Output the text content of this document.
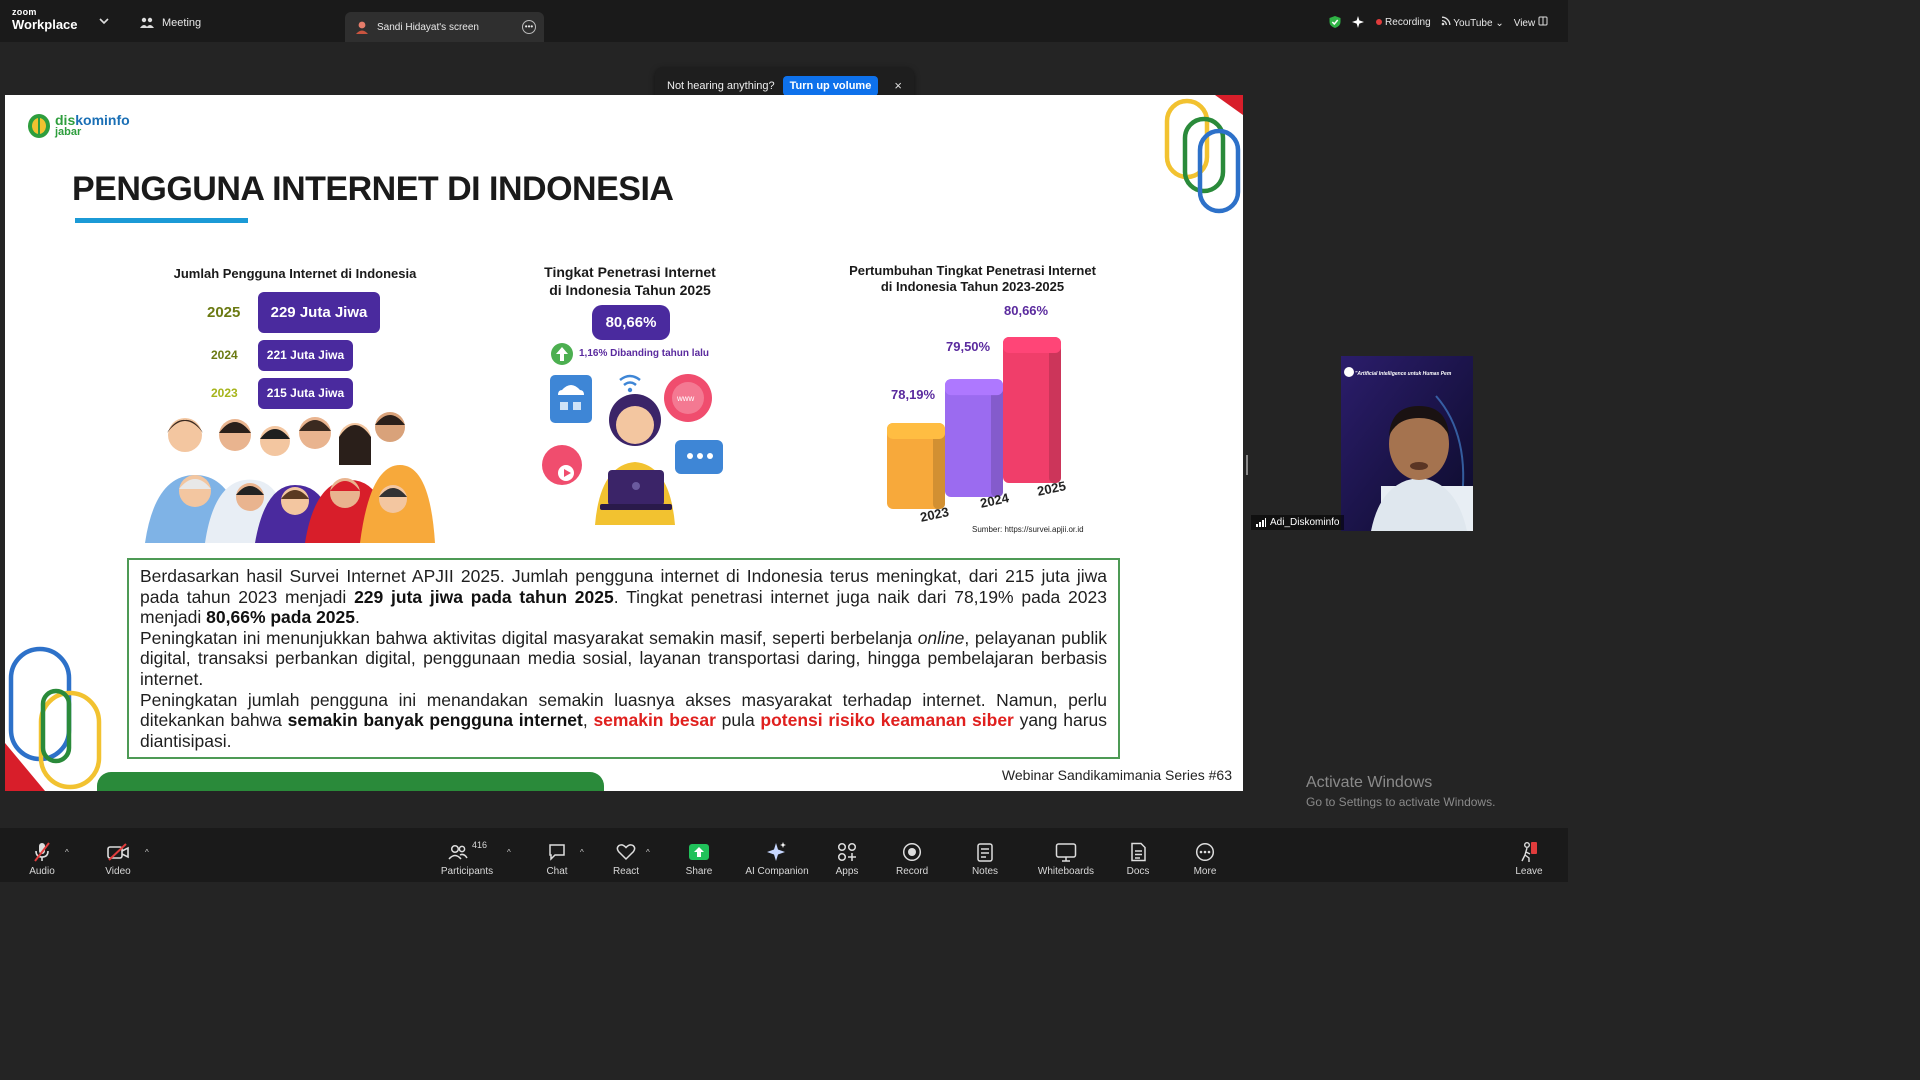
zoom
Workplace	Meeting	Sandi Hidayat's screen	•••	Recording	YouTube ⌄ View
Not hearing anything?	Turn up volume	×
diskominfo
jabar
PENGGUNA INTERNET DI INDONESIA
Jumlah Pengguna Internet di Indonesia
2025	229 Juta Jiwa
2024	221 Juta Jiwa
2023	215 Juta Jiwa
Tingkat Penetrasi Internet
di Indonesia Tahun 2025
80,66%
1,16% Dibanding tahun lalu
www
Pertumbuhan Tingkat Penetrasi Internet
di Indonesia Tahun 2023-2025
78,19%
79,50%
80,66%
2023
2024
2025
Sumber: https://survei.apjii.or.id

Berdasarkan hasil Survei Internet APJII 2025. Jumlah pengguna internet di Indonesia terus meningkat, dari 215 juta jiwa pada tahun 2023 menjadi 229 juta jiwa pada tahun 2025. Tingkat penetrasi internet juga naik dari 78,19% pada 2023 menjadi 80,66% pada 2025.

Peningkatan ini menunjukkan bahwa aktivitas digital masyarakat semakin masif, seperti berbelanja online, pelayanan publik digital, transaksi perbankan digital, penggunaan media sosial, layanan transportasi daring, hingga pembelajaran berbasis internet.

Peningkatan jumlah pengguna ini menandakan semakin luasnya akses masyarakat terhadap internet. Namun, perlu ditekankan bahwa semakin banyak pengguna internet, semakin besar pula potensi risiko keamanan siber yang harus diantisipasi.

Webinar Sandikamimania Series #63
"Artificial Intelligence untuk Humas Pem
Adi_Diskominfo
Activate Windows
Go to Settings to activate Windows.
Audio
^
Video
^
416
Participants
^
Chat
^
React
^
Share	AI Companion	Apps	Record	Notes	Whiteboards	Docs	More	Leave
